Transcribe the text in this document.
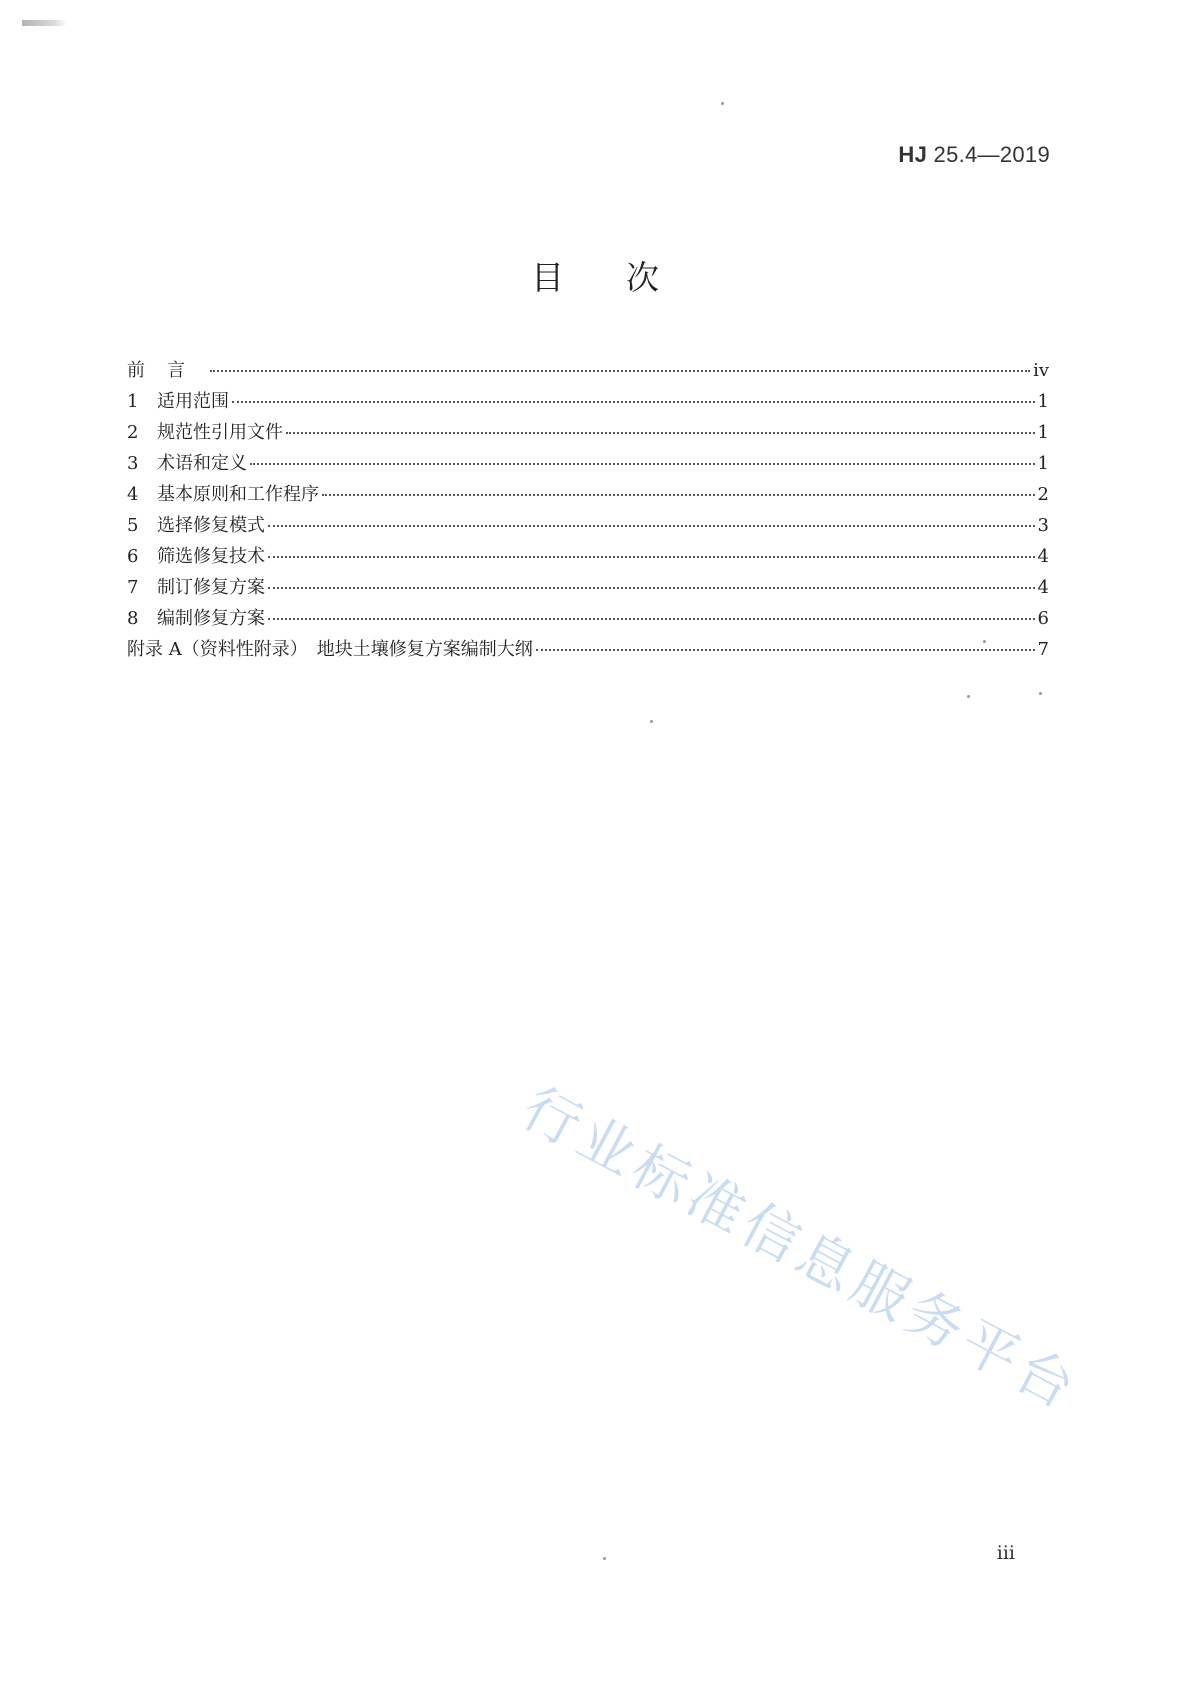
HJ 25.4—2019
目 次
前言	iv
1	适用范围	1
2	规范性引用文件	1
3	术语和定义	1
4	基本原则和工作程序	2
5	选择修复模式	3
6	筛选修复技术	4
7	制订修复方案	4
8	编制修复方案	6
附录 A（资料性附录）　地块土壤修复方案编制大纲	7
行业标准信息服务平台
iii
